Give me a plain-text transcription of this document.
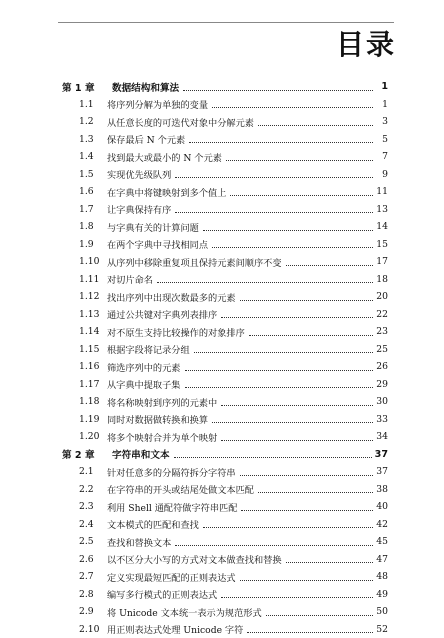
目录
第 1 章	数据结构和算法	1
1.1	将序列分解为单独的变量	1
1.2	从任意长度的可迭代对象中分解元素	3
1.3	保存最后 N 个元素	5
1.4	找到最大或最小的 N 个元素	7
1.5	实现优先级队列	9
1.6	在字典中将键映射到多个值上	11
1.7	让字典保持有序	13
1.8	与字典有关的计算问题	14
1.9	在两个字典中寻找相同点	15
1.10 从序列中移除重复项且保持元素间顺序不变	17
1.11 对切片命名	18
1.12 找出序列中出现次数最多的元素	20
1.13 通过公共键对字典列表排序	22
1.14 对不原生支持比较操作的对象排序	23
1.15 根据字段将记录分组	25
1.16 筛选序列中的元素	26
1.17 从字典中提取子集	29
1.18 将名称映射到序列的元素中	30
1.19 同时对数据做转换和换算	33
1.20 将多个映射合并为单个映射	34
第 2 章	字符串和文本	37
2.1	针对任意多的分隔符拆分字符串	37
2.2	在字符串的开头或结尾处做文本匹配	38
2.3	利用 Shell 通配符做字符串匹配	40
2.4	文本模式的匹配和查找	42
2.5	查找和替换文本	45
2.6	以不区分大小写的方式对文本做查找和替换	47
2.7	定义实现最短匹配的正则表达式	48
2.8	编写多行模式的正则表达式	49
2.9	将 Unicode 文本统一表示为规范形式	50
2.10 用正则表达式处理 Unicode 字符	52
